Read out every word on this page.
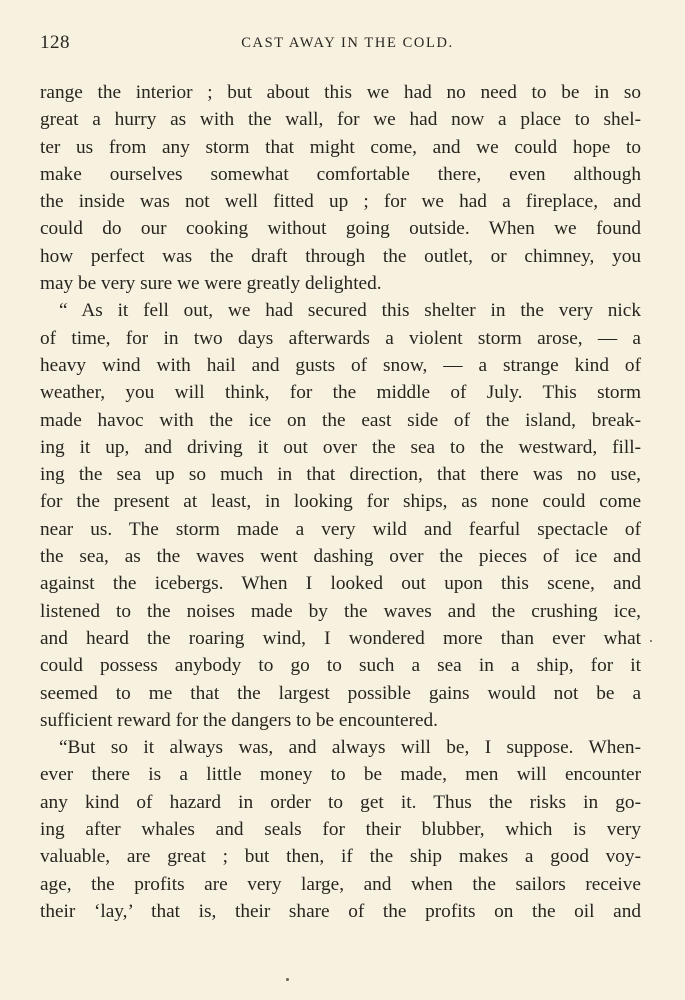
128	CAST AWAY IN THE COLD.
range the interior ; but about this we had no need to be in so
great a hurry as with the wall, for we had now a place to shel-
ter us from any storm that might come, and we could hope to
make ourselves somewhat comfortable there, even although
the inside was not well fitted up ; for we had a fireplace, and
could do our cooking without going outside. When we found
how perfect was the draft through the outlet, or chimney, you
may be very sure we were greatly delighted.
“ As it fell out, we had secured this shelter in the very nick
of time, for in two days afterwards a violent storm arose, — a
heavy wind with hail and gusts of snow, — a strange kind of
weather, you will think, for the middle of July. This storm
made havoc with the ice on the east side of the island, break-
ing it up, and driving it out over the sea to the westward, fill-
ing the sea up so much in that direction, that there was no use,
for the present at least, in looking for ships, as none could come
near us. The storm made a very wild and fearful spectacle of
the sea, as the waves went dashing over the pieces of ice and
against the icebergs. When I looked out upon this scene, and
listened to the noises made by the waves and the crushing ice,
and heard the roaring wind, I wondered more than ever what
could possess anybody to go to such a sea in a ship, for it
seemed to me that the largest possible gains would not be a
sufficient reward for the dangers to be encountered.
“But so it always was, and always will be, I suppose. When-
ever there is a little money to be made, men will encounter
any kind of hazard in order to get it. Thus the risks in go-
ing after whales and seals for their blubber, which is very
valuable, are great ; but then, if the ship makes a good voy-
age, the profits are very large, and when the sailors receive
their ‘lay,’ that is, their share of the profits on the oil and
